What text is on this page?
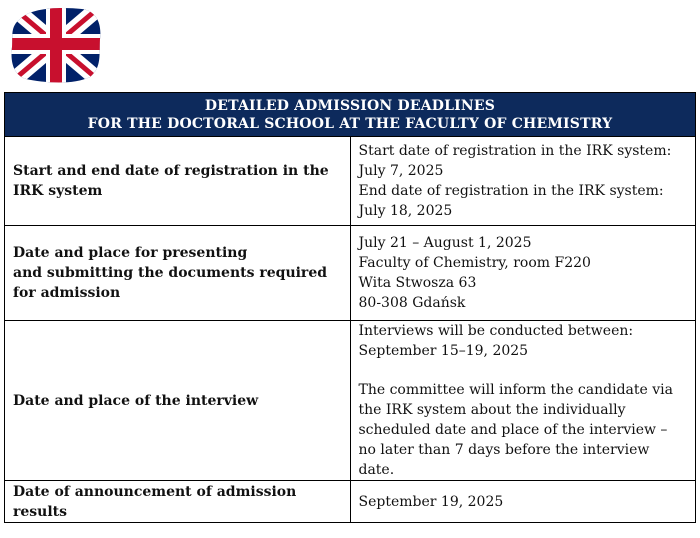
DETAILED ADMISSION DEADLINES
FOR THE DOCTORAL SCHOOL AT THE FACULTY OF CHEMISTRY	

Start and end date of registration in the IRK system	Start date of registration in the IRK system:
July 7, 2025
End date of registration in the IRK system:
July 18, 2025

Date and place for presenting
and submitting the documents required
for admission	July 21 – August 1, 2025
Faculty of Chemistry, room F220
Wita Stwosza 63
80-308 Gdańsk

Date and place of the interview	Interviews will be conducted between: September 15–19, 2025
The committee will inform the candidate via the IRK system about the individually scheduled date and place of the interview – no later than 7 days before the interview date.

Date of announcement of admission results	September 19, 2025
